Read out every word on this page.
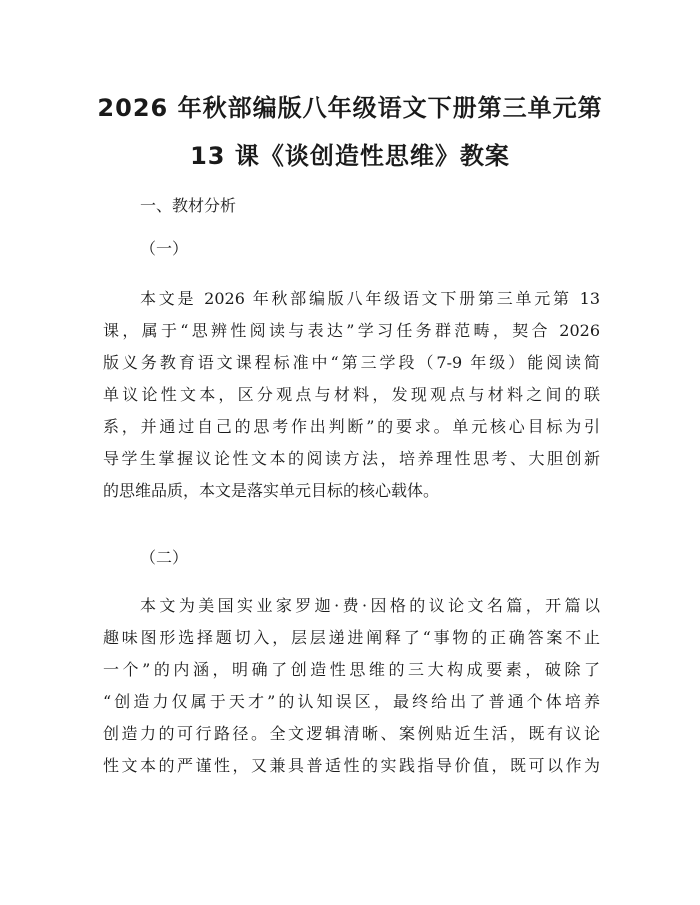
2026 年秋部编版八年级语文下册第三单元第
13 课《谈创造性思维》教案
一、教材分析
（一）
本文是 2026 年秋部编版八年级语文下册第三单元第 13
课，属于“思辨性阅读与表达”学习任务群范畴，契合 2026
版义务教育语文课程标准中“第三学段（7-9 年级）能阅读简
单议论性文本，区分观点与材料，发现观点与材料之间的联
系，并通过自己的思考作出判断”的要求。单元核心目标为引
导学生掌握议论性文本的阅读方法，培养理性思考、大胆创新
的思维品质，本文是落实单元目标的核心载体。
（二）
本文为美国实业家罗迦·费·因格的议论文名篇，开篇以
趣味图形选择题切入，层层递进阐释了“事物的正确答案不止
一个”的内涵，明确了创造性思维的三大构成要素，破除了
“创造力仅属于天才”的认知误区，最终给出了普通个体培养
创造力的可行路径。全文逻辑清晰、案例贴近生活，既有议论
性文本的严谨性，又兼具普适性的实践指导价值，既可以作为
